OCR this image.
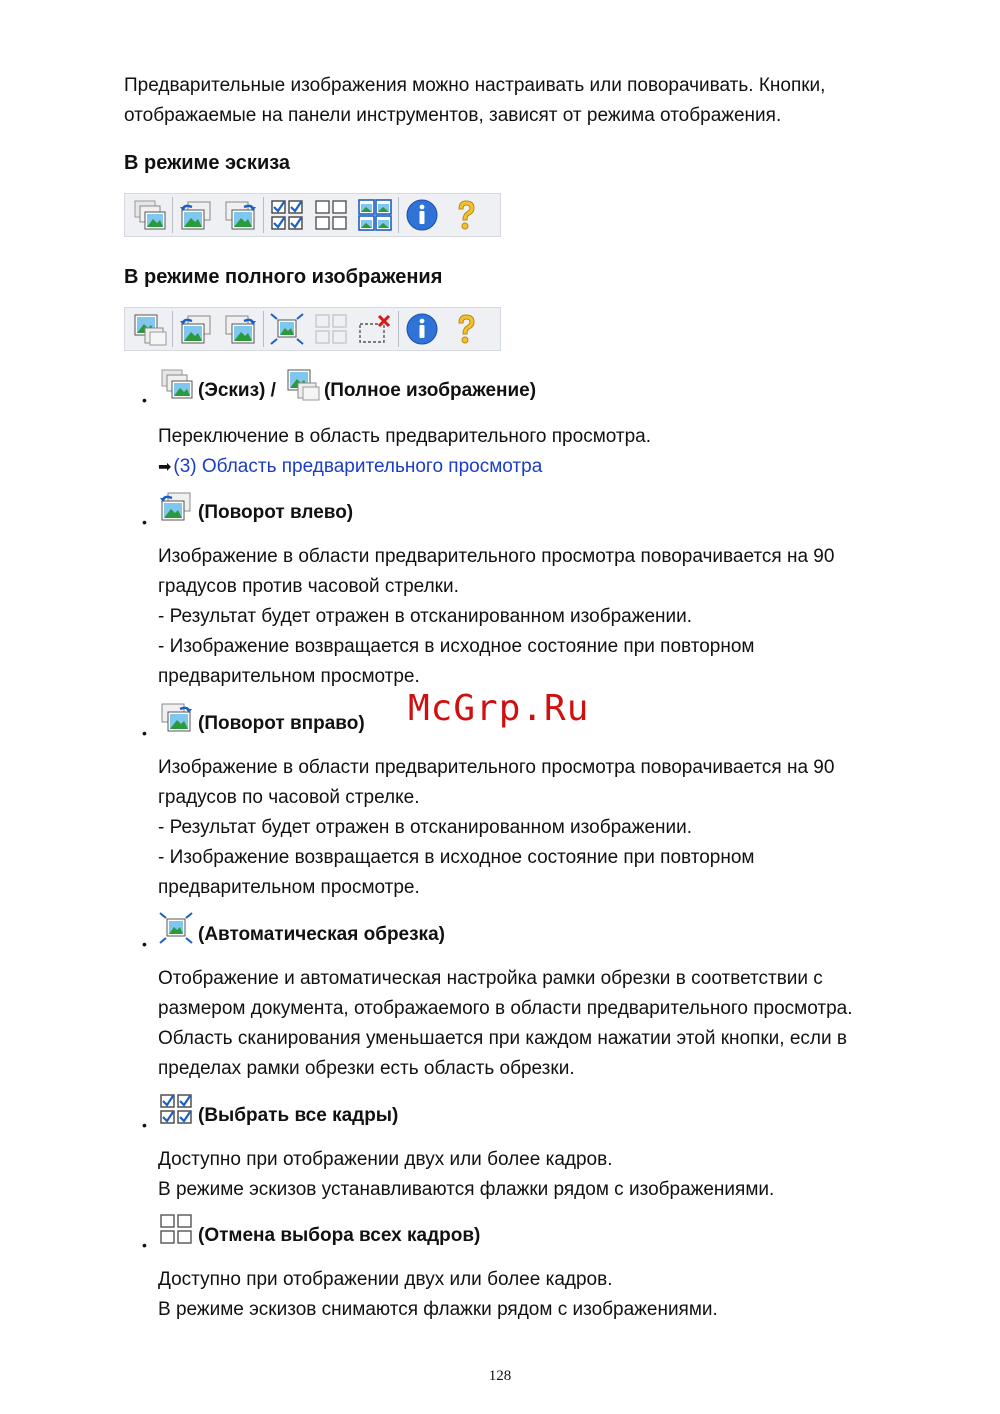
Предварительные изображения можно настраивать или поворачивать. Кнопки,

отображаемые на панели инструментов, зависят от режима отображения.

В режиме эскиза

В режиме полного изображения

•	(Эскиз) /	(Полное изображение)

Переключение в область предварительного просмотра.

➡ (3) Область предварительного просмотра
•	(Поворот влево)

Изображение в области предварительного просмотра поворачивается на 90

градусов против часовой стрелки.

- Результат будет отражен в отсканированном изображении.

- Изображение возвращается в исходное состояние при повторном

предварительном просмотре.

•	(Поворот вправо)

Изображение в области предварительного просмотра поворачивается на 90

градусов по часовой стрелке.

- Результат будет отражен в отсканированном изображении.

- Изображение возвращается в исходное состояние при повторном

предварительном просмотре.

•	(Автоматическая обрезка)

Отображение и автоматическая настройка рамки обрезки в соответствии с

размером документа, отображаемого в области предварительного просмотра.

Область сканирования уменьшается при каждом нажатии этой кнопки, если в

пределах рамки обрезки есть область обрезки.

•	(Выбрать все кадры)

Доступно при отображении двух или более кадров.

В режиме эскизов устанавливаются флажки рядом с изображениями.

•	(Отмена выбора всех кадров)

Доступно при отображении двух или более кадров.

В режиме эскизов снимаются флажки рядом с изображениями.

McGrp.Ru
128
